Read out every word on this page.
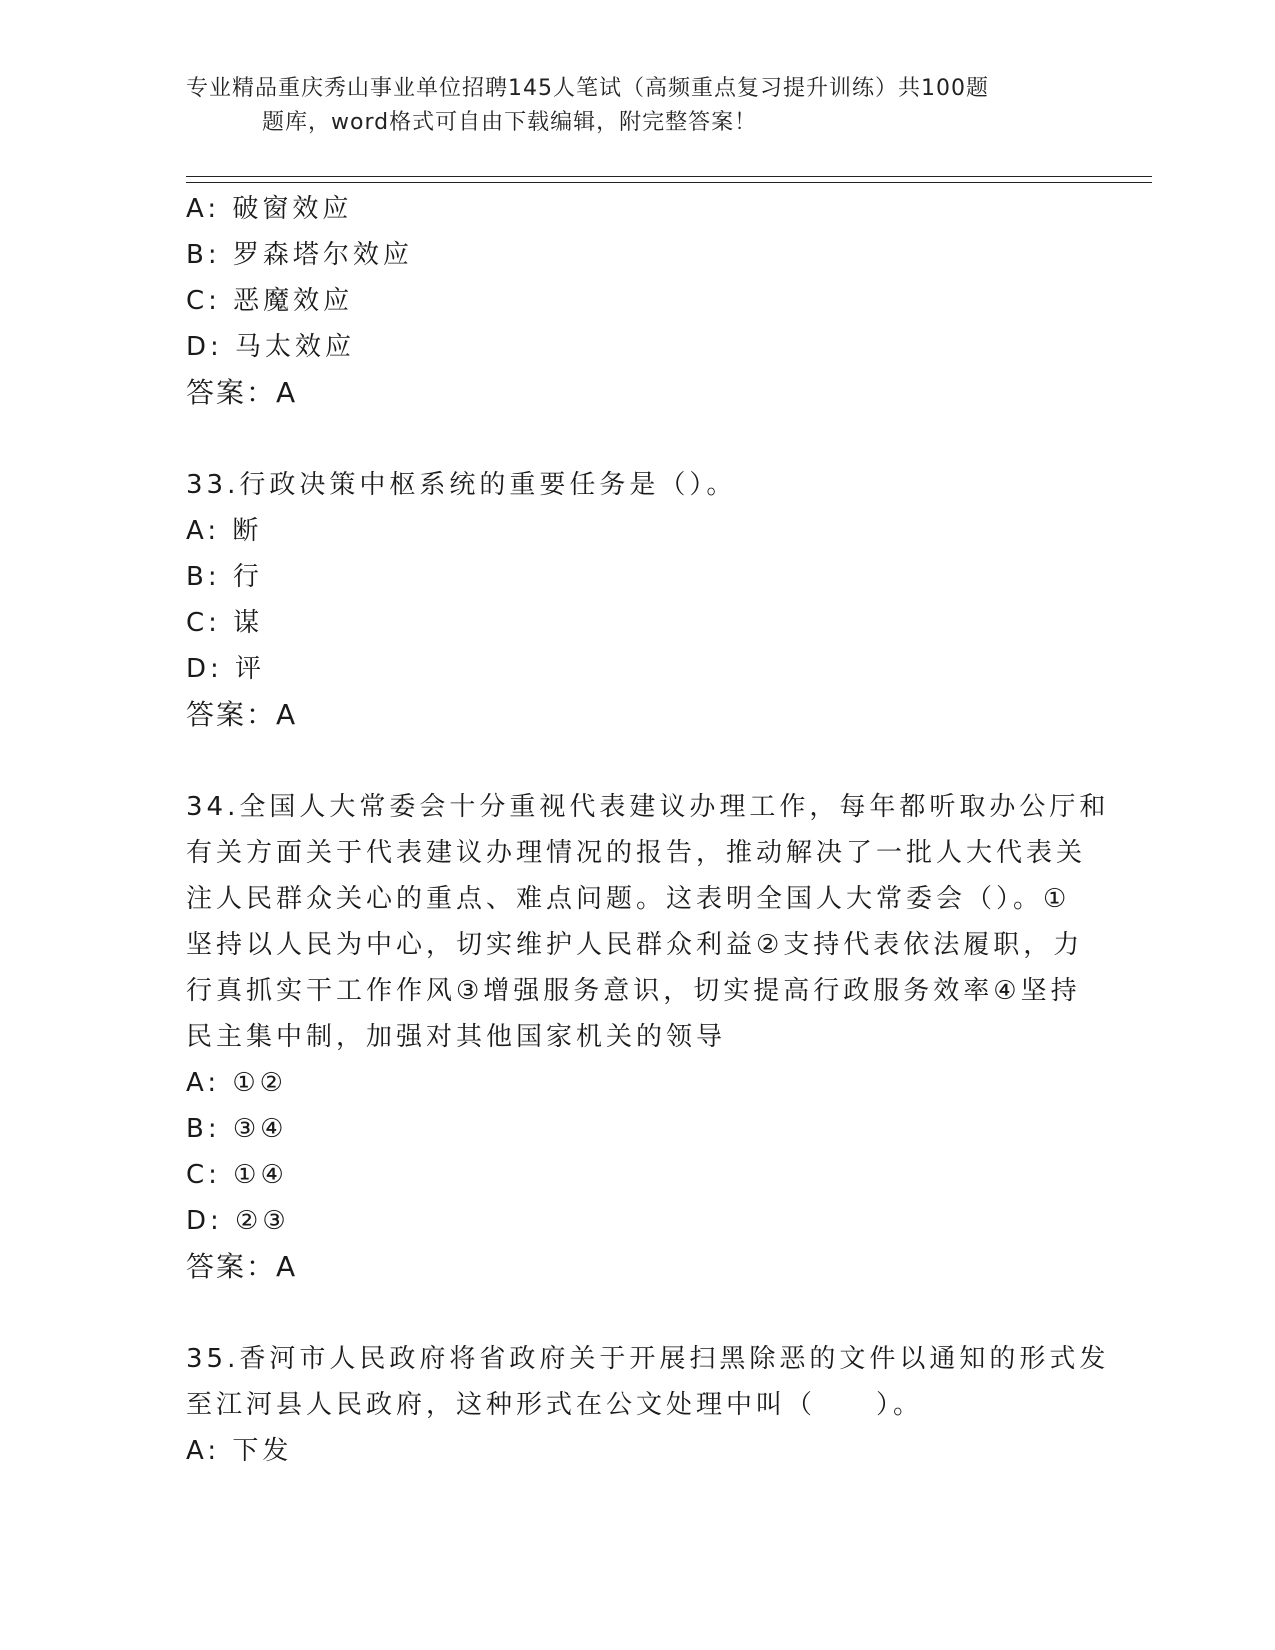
专业精品重庆秀山事业单位招聘145人笔试（高频重点复习提升训练）共100题
题库，word格式可自由下载编辑，附完整答案！
A: 破窗效应
B: 罗森塔尔效应
C: 恶魔效应
D: 马太效应
答案：A
33.行政决策中枢系统的重要任务是（）。
A: 断
B: 行
C: 谋
D: 评
答案：A
34.全国人大常委会十分重视代表建议办理工作，每年都听取办公厅和
有关方面关于代表建议办理情况的报告，推动解决了一批人大代表关
注人民群众关心的重点、难点问题。这表明全国人大常委会（）。①
坚持以人民为中心，切实维护人民群众利益②支持代表依法履职，力
行真抓实干工作作风③增强服务意识，切实提高行政服务效率④坚持
民主集中制，加强对其他国家机关的领导
A: ①②
B: ③④
C: ①④
D: ②③
答案：A
35.香河市人民政府将省政府关于开展扫黑除恶的文件以通知的形式发
至江河县人民政府，这种形式在公文处理中叫（　　）。
A: 下发
